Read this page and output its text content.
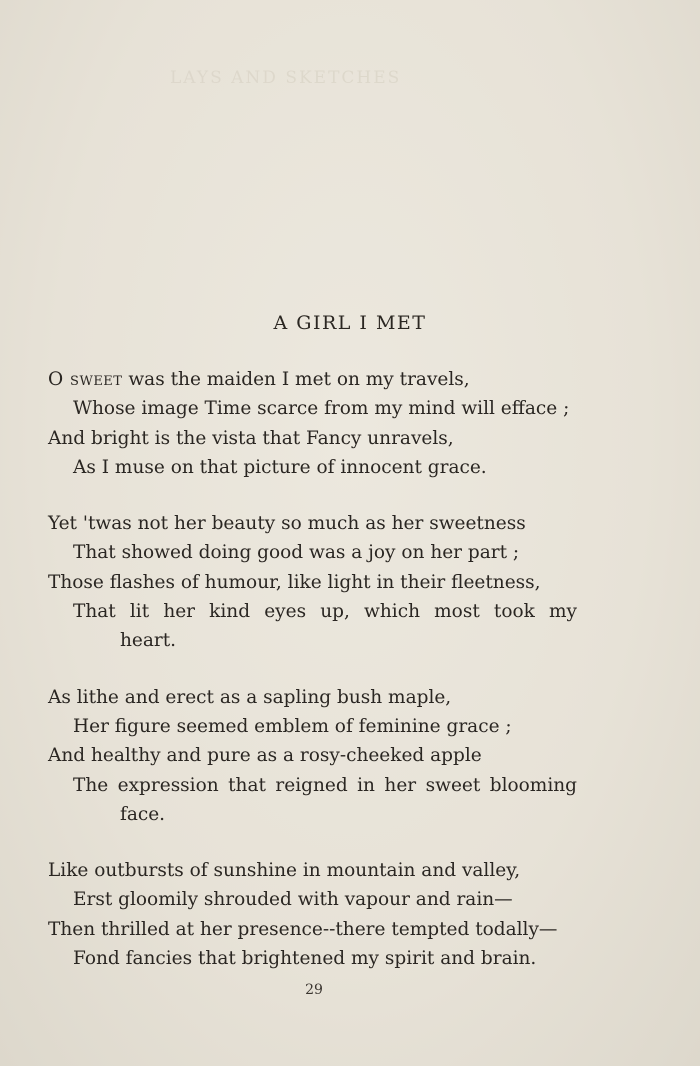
LAYS AND SKETCHES
A GIRL I MET
O sweet was the maiden I met on my travels,
Whose image Time scarce from my mind will efface ;
And bright is the vista that Fancy unravels,
As I muse on that picture of innocent grace.
Yet 'twas not her beauty so much as her sweetness
That showed doing good was a joy on her part ;
Those flashes of humour, like light in their fleetness,
That lit her kind eyes up, which most took my
heart.
As lithe and erect as a sapling bush maple,
Her figure seemed emblem of feminine grace ;
And healthy and pure as a rosy-cheeked apple
The expression that reigned in her sweet blooming
face.
Like outbursts of sunshine in mountain and valley,
Erst gloomily shrouded with vapour and rain—
Then thrilled at her presence--there tempted todally—
Fond fancies that brightened my spirit and brain.
29
